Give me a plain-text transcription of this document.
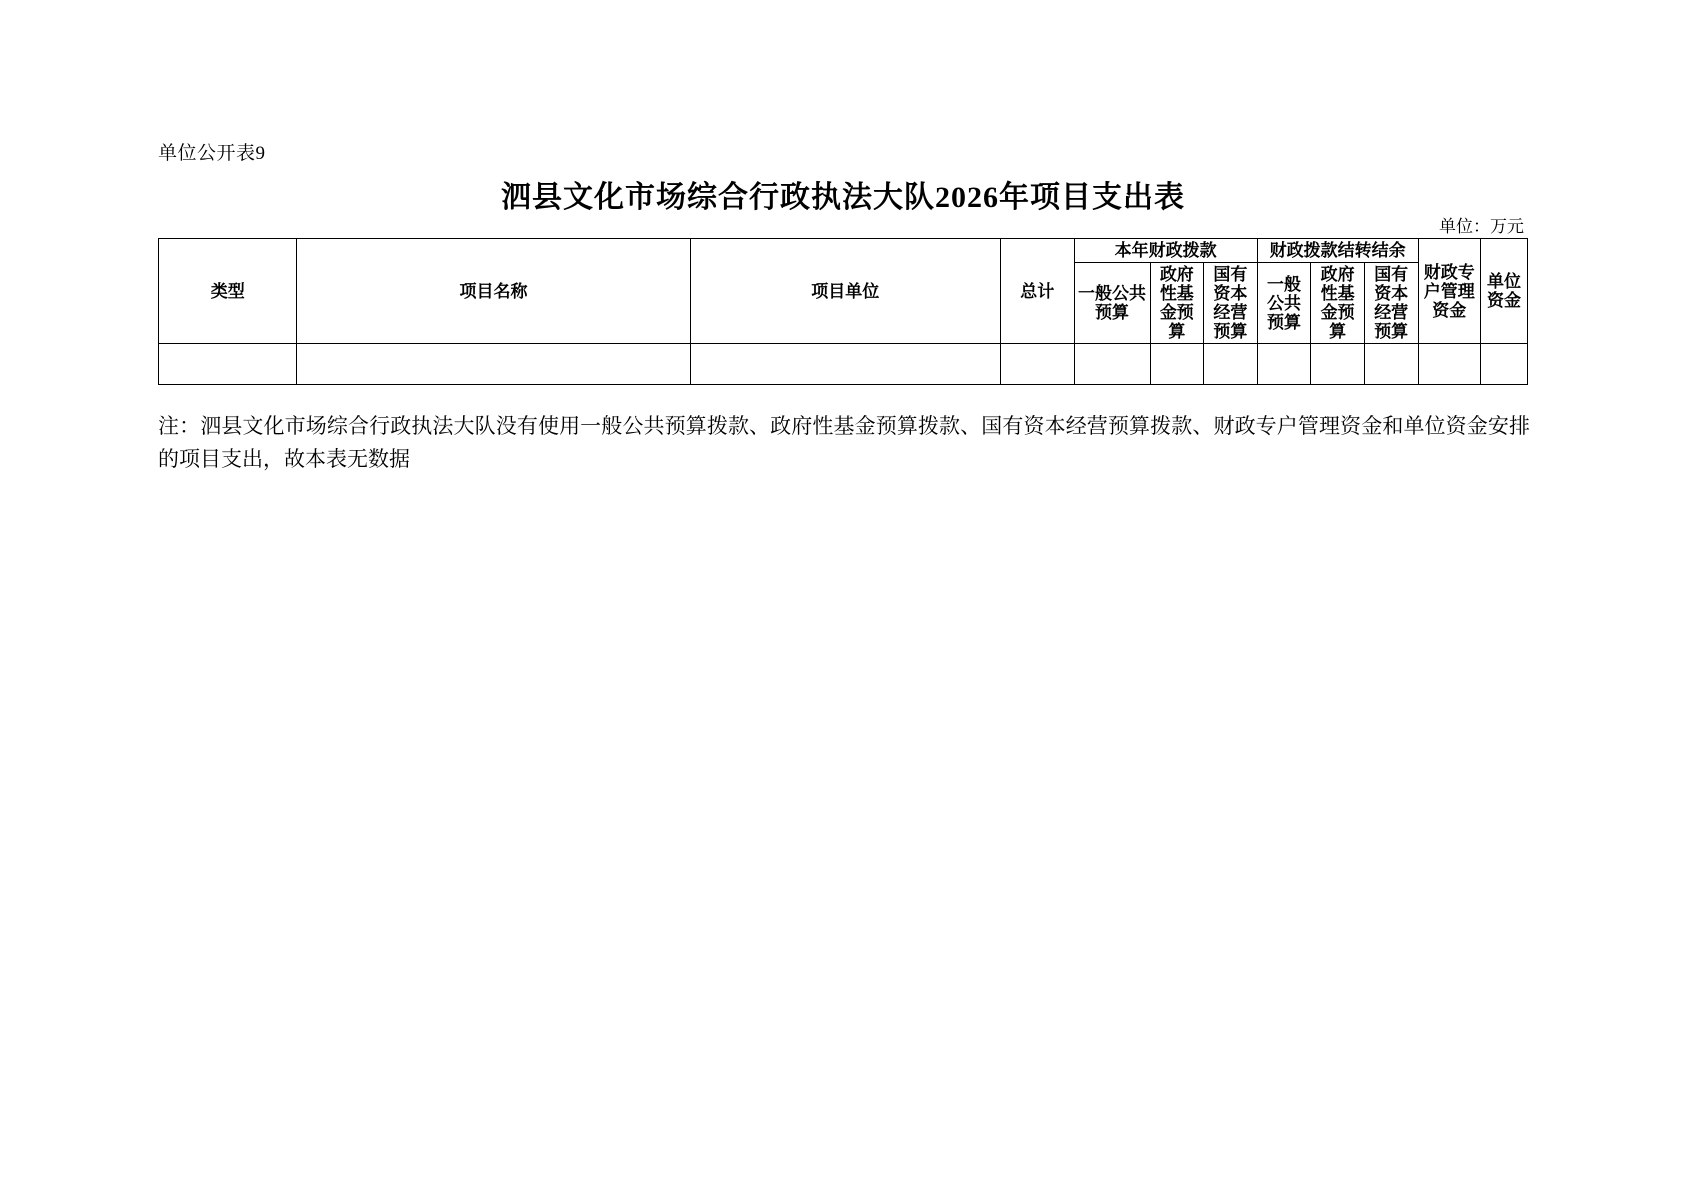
单位公开表9
泗县文化市场综合行政执法大队2026年项目支出表
单位：万元
类型	项目名称	项目单位	总计	本年财政拨款			财政拨款结转结余			财政专户管理资金	单位资金
				一般公共预算	政府性基金预算	国有资本经营预算	一般公共预算	政府性基金预算	国有资本经营预算		

注：泗县文化市场综合行政执法大队没有使用一般公共预算拨款、政府性基金预算拨款、国有资本经营预算拨款、财政专户管理资金和单位资金安排的项目支出，故本表无数据
